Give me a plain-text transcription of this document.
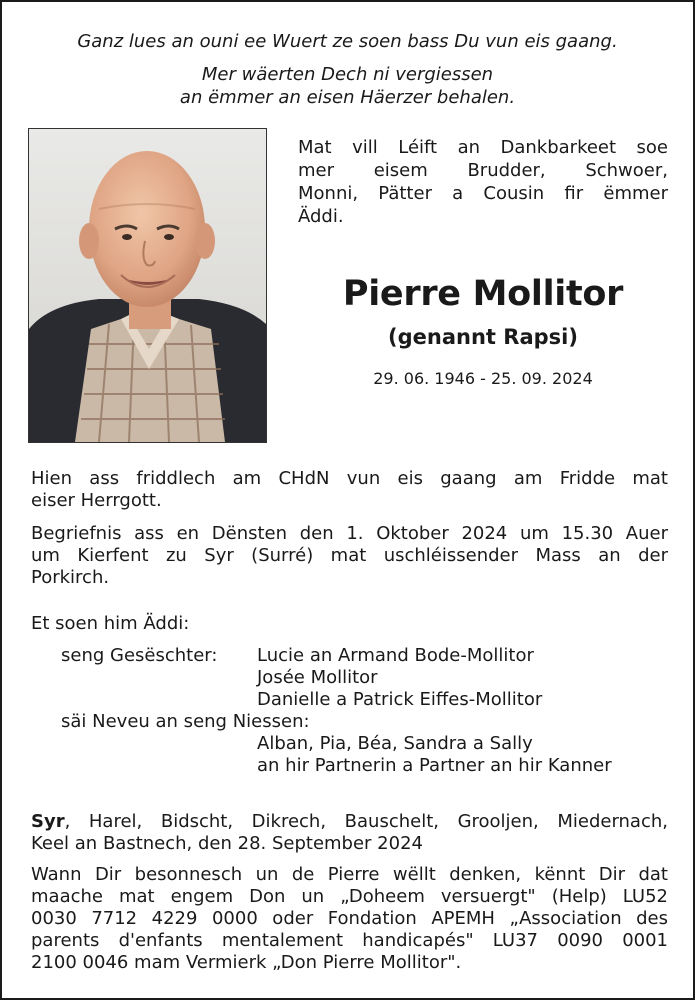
Ganz lues an ouni ee Wuert ze soen bass Du vun eis gaang.
Mer wäerten Dech ni vergiessen
an ëmmer an eisen Häerzer behalen.
Mat vill Léift an Dankbarkeet soe
mer eisem Brudder, Schwoer,
Monni, Pätter a Cousin fir ëmmer
Äddi.
Pierre Mollitor
(genannt Rapsi)
29. 06. 1946 - 25. 09. 2024
Hien ass friddlech am CHdN vun eis gaang am Fridde mat
eiser Herrgott.
Begriefnis ass en Dënsten den 1. Oktober 2024 um 15.30 Auer
um Kierfent zu Syr (Surré) mat uschléissender Mass an der
Porkirch.
Et soen him Äddi:
seng Gesëschter: Lucie an Armand Bode-Mollitor
Josée Mollitor
Danielle a Patrick Eiffes-Mollitor
säi Neveu an seng Niessen:
Alban, Pia, Béa, Sandra a Sally
an hir Partnerin a Partner an hir Kanner
Syr, Harel, Bidscht, Dikrech, Bauschelt, Grooljen, Miedernach,
Keel an Bastnech, den 28. September 2024
Wann Dir besonnesch un de Pierre wëllt denken, kënnt Dir dat
maache mat engem Don un „Doheem versuergt" (Help) LU52
0030 7712 4229 0000 oder Fondation APEMH „Association des
parents d'enfants mentalement handicapés" LU37 0090 0001
2100 0046 mam Vermierk „Don Pierre Mollitor".
